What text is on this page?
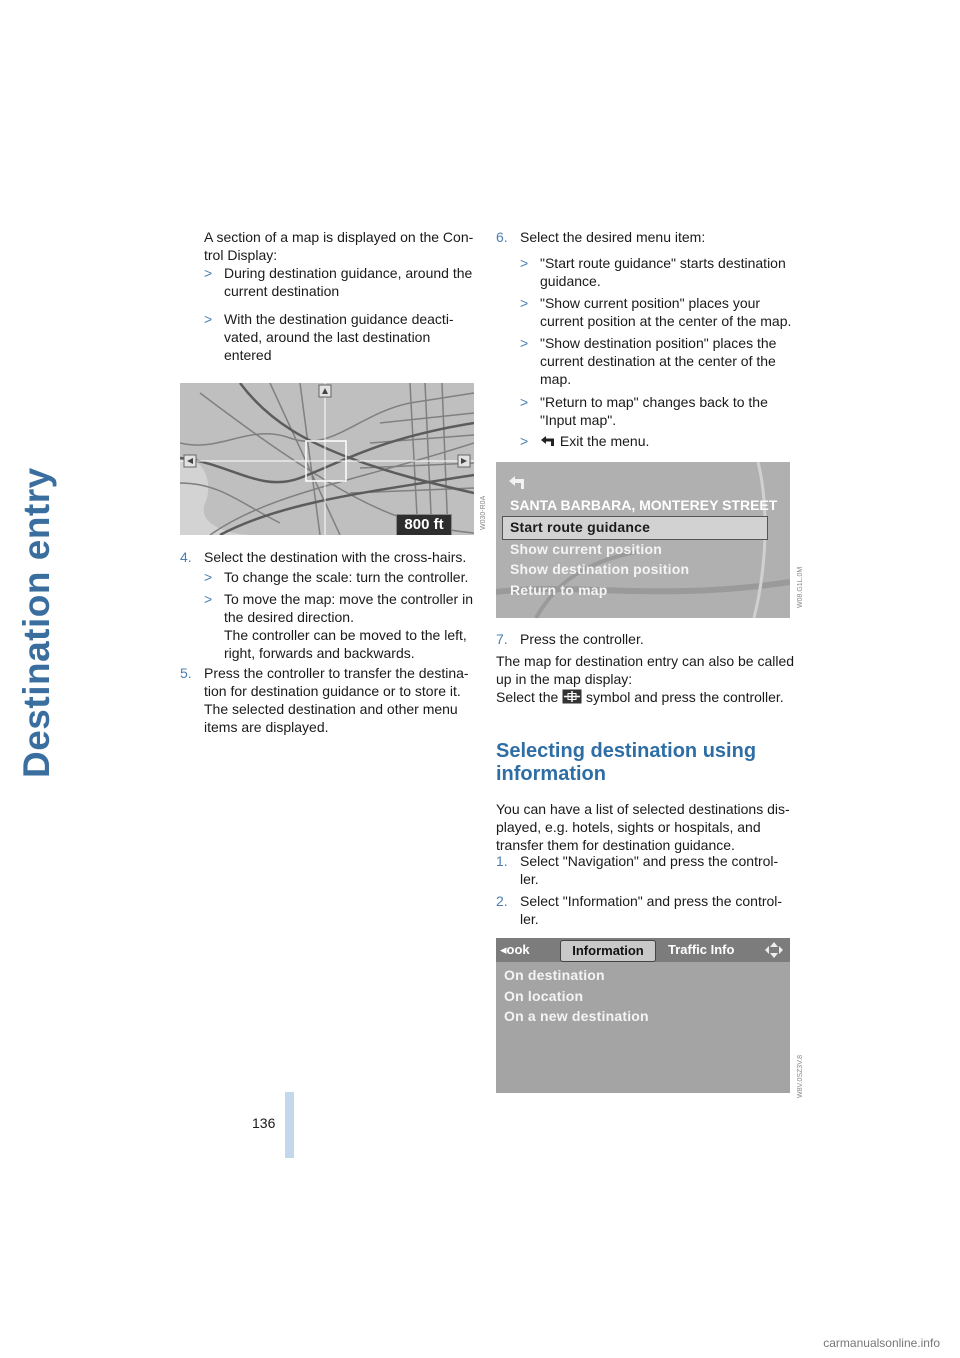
Destination entry
136
A section of a map is displayed on the Con-
trol Display:
> During destination guidance, around the
current destination
> With the destination guidance deacti-
vated, around the last destination
entered
800 ft	W030-R0A
4. Select the destination with the cross-hairs.
> To change the scale: turn the controller.
> To move the map: move the controller in
the desired direction.
The controller can be moved to the left,
right, forwards and backwards.
5. Press the controller to transfer the destina-
tion for destination guidance or to store it.
The selected destination and other menu
items are displayed.
6. Select the desired menu item:
> "Start route guidance" starts destination
guidance.
> "Show current position" places your
current position at the center of the map.
> "Show destination position" places the
current destination at the center of the
map.
> "Return to map" changes back to the
"Input map".
>	Exit the menu.
SANTA BARBARA, MONTEREY STREET
Start route guidance
Show current position
Show destination position
Return to map	W08.G1L.0M
7. Press the controller.
The map for destination entry can also be called
up in the map display:
Select the symbol and press the controller.
Selecting destination using
information
You can have a list of selected destinations dis-
played, e.g. hotels, sights or hospitals, and
transfer them for destination guidance.
1. Select "Navigation" and press the control-
ler.
2. Select "Information" and press the control-
ler.
◂ook	Information	Traffic Info
On destination
On location
On a new destination
W8V.0SZ3V.8
carmanualsonline.info
